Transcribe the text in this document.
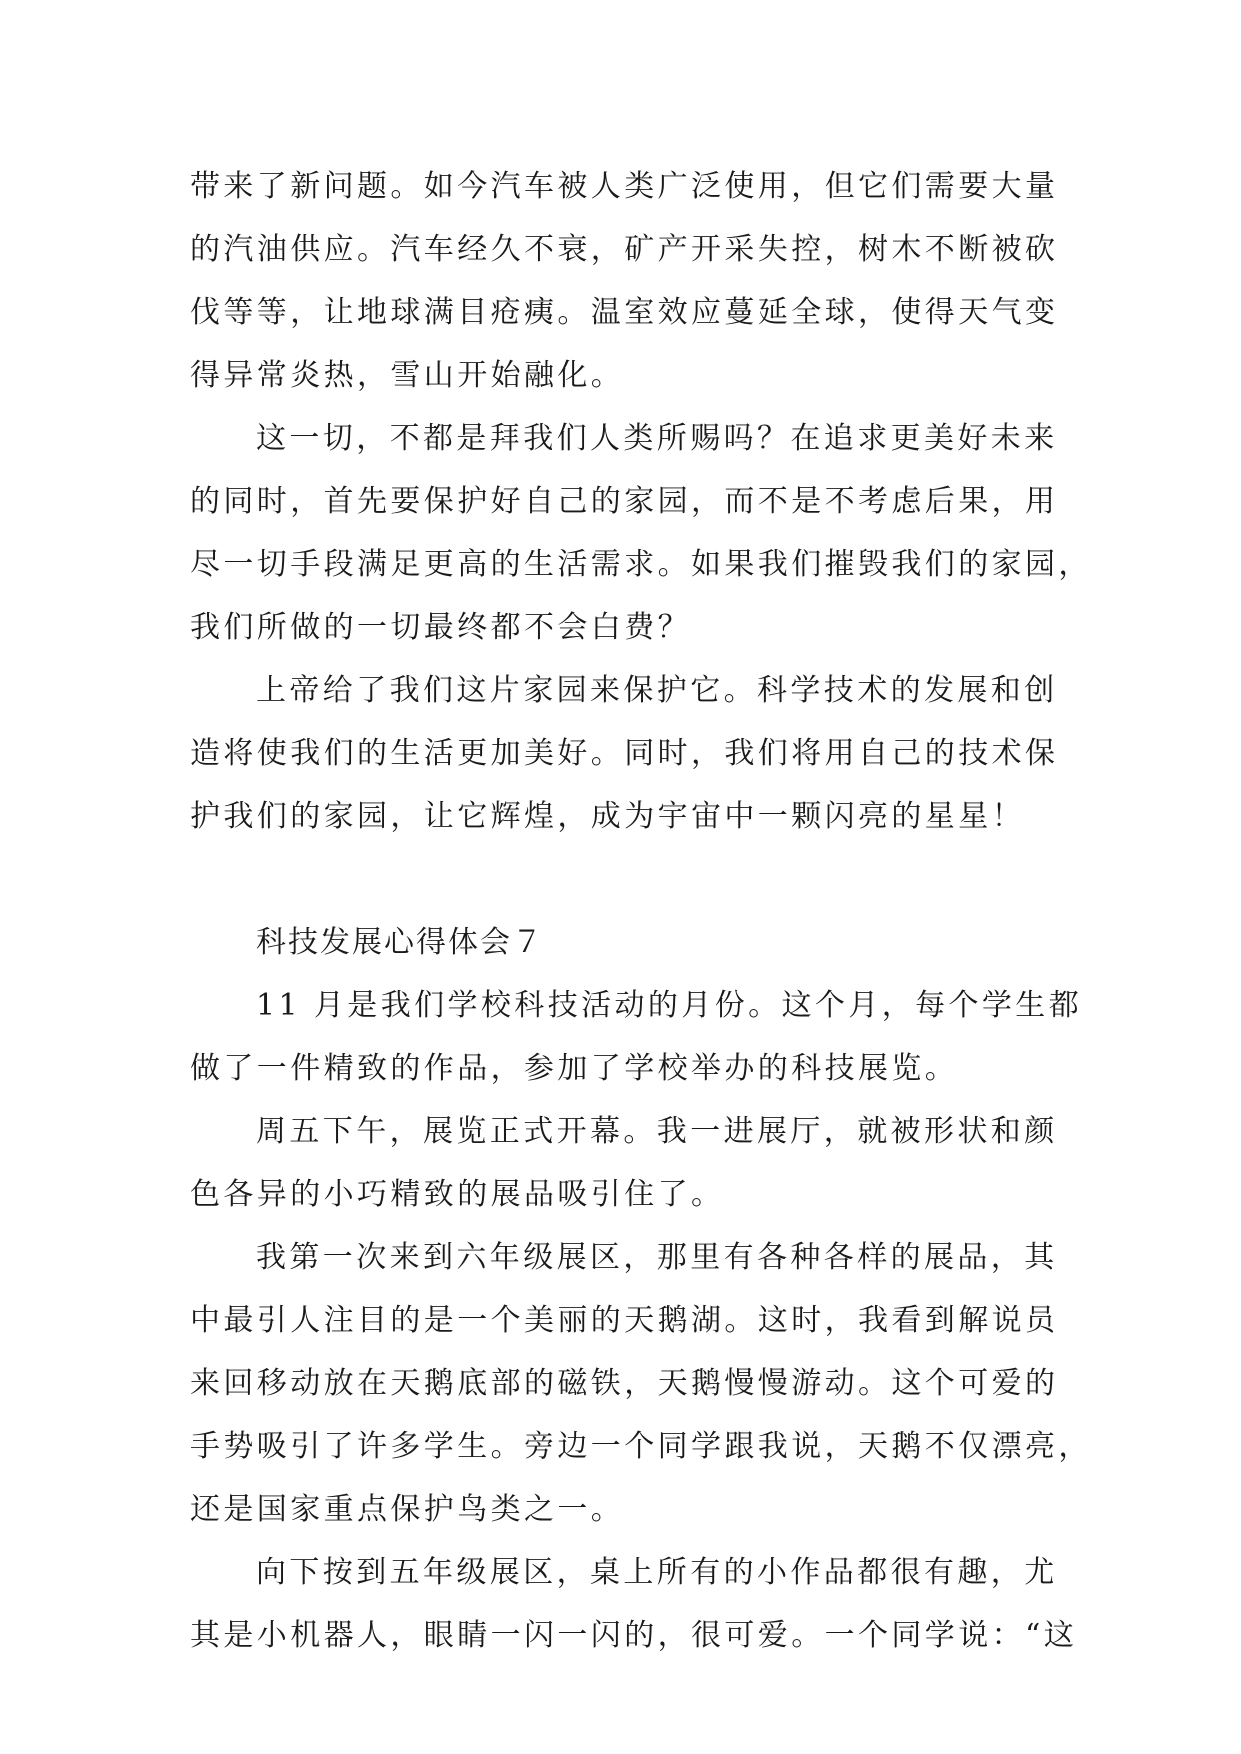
带来了新问题。如今汽车被人类广泛使用，但它们需要大量
的汽油供应。汽车经久不衰，矿产开采失控，树木不断被砍
伐等等，让地球满目疮痍。温室效应蔓延全球，使得天气变
得异常炎热，雪山开始融化。
这一切，不都是拜我们人类所赐吗？在追求更美好未来
的同时，首先要保护好自己的家园，而不是不考虑后果，用
尽一切手段满足更高的生活需求。如果我们摧毁我们的家园，
我们所做的一切最终都不会白费？
上帝给了我们这片家园来保护它。科学技术的发展和创
造将使我们的生活更加美好。同时，我们将用自己的技术保
护我们的家园，让它辉煌，成为宇宙中一颗闪亮的星星！
科技发展心得体会７
11 月是我们学校科技活动的月份。这个月，每个学生都
做了一件精致的作品，参加了学校举办的科技展览。
周五下午，展览正式开幕。我一进展厅，就被形状和颜
色各异的小巧精致的展品吸引住了。
我第一次来到六年级展区，那里有各种各样的展品，其
中最引人注目的是一个美丽的天鹅湖。这时，我看到解说员
来回移动放在天鹅底部的磁铁，天鹅慢慢游动。这个可爱的
手势吸引了许多学生。旁边一个同学跟我说，天鹅不仅漂亮，
还是国家重点保护鸟类之一。
向下按到五年级展区，桌上所有的小作品都很有趣，尤
其是小机器人，眼睛一闪一闪的，很可爱。一个同学说：“这
